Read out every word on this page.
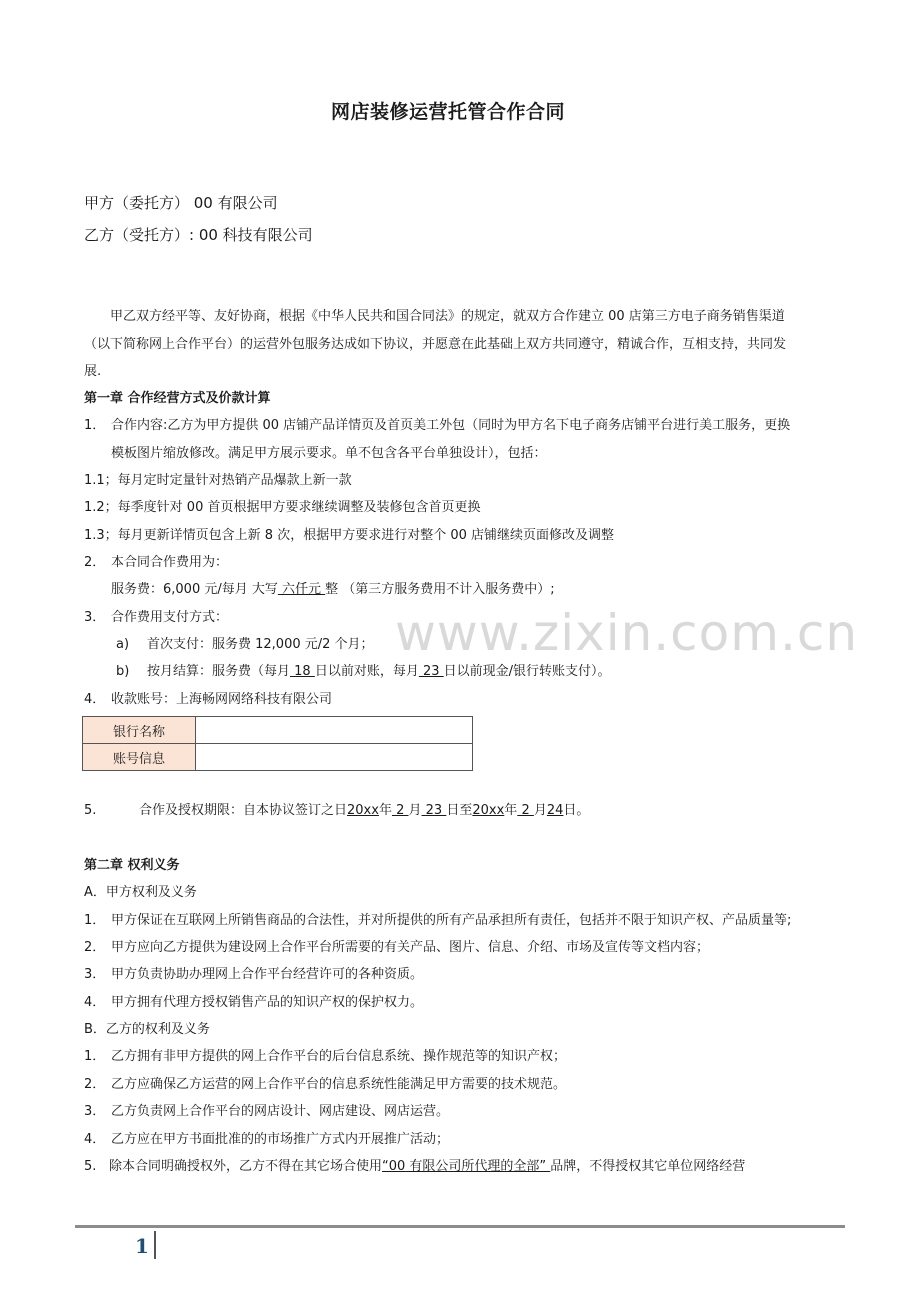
网店装修运营托管合作合同
甲方（委托方） 00 有限公司
乙方（受托方）: 00 科技有限公司
甲乙双方经平等、友好协商，根据《中华人民共和国合同法》的规定，就双方合作建立 00 店第三方电子商务销售渠道
（以下简称网上合作平台）的运营外包服务达成如下协议，并愿意在此基础上双方共同遵守，精诚合作，互相支持，共同发
展.
第一章 合作经营方式及价款计算
1． 合作内容:乙方为甲方提供 00 店铺产品详情页及首页美工外包（同时为甲方名下电子商务店铺平台进行美工服务，更换
模板图片缩放修改。满足甲方展示要求。单不包含各平台单独设计），包括：
1.1；每月定时定量针对热销产品爆款上新一款
1.2；每季度针对 00 首页根据甲方要求继续调整及装修包含首页更换
1.3；每月更新详情页包含上新 8 次，根据甲方要求进行对整个 00 店铺继续页面修改及调整
2． 本合同合作费用为：
服务费：6,000 元/每月 大写 六仟元 整 （第三方服务费用不计入服务费中）;
3． 合作费用支付方式：
a) 首次支付：服务费 12,000 元/2 个月；
b) 按月结算：服务费（每月 18 日以前对账，每月 23 日以前现金/银行转账支付）。
4． 收款账号：上海畅网网络科技有限公司
银行名称	
账号信息	
5.	合作及授权期限：自本协议签订之日20xx年 2 月 23 日至20xx年 2 月24日。
第二章 权利义务
A．甲方权利及义务
1． 甲方保证在互联网上所销售商品的合法性，并对所提供的所有产品承担所有责任，包括并不限于知识产权、产品质量等;
2． 甲方应向乙方提供为建设网上合作平台所需要的有关产品、图片、信息、介绍、市场及宣传等文档内容；
3． 甲方负责协助办理网上合作平台经营许可的各种资质。
4． 甲方拥有代理方授权销售产品的知识产权的保护权力。
B．乙方的权利及义务
1． 乙方拥有非甲方提供的网上合作平台的后台信息系统、操作规范等的知识产权；
2． 乙方应确保乙方运营的网上合作平台的信息系统性能满足甲方需要的技术规范。
3． 乙方负责网上合作平台的网店设计、网店建设、网店运营。
4． 乙方应在甲方书面批准的的市场推广方式内开展推广活动；
5. 除本合同明确授权外，乙方不得在其它场合使用“00 有限公司所代理的全部” 品牌，不得授权其它单位网络经营
www.zixin.com.cn
1
